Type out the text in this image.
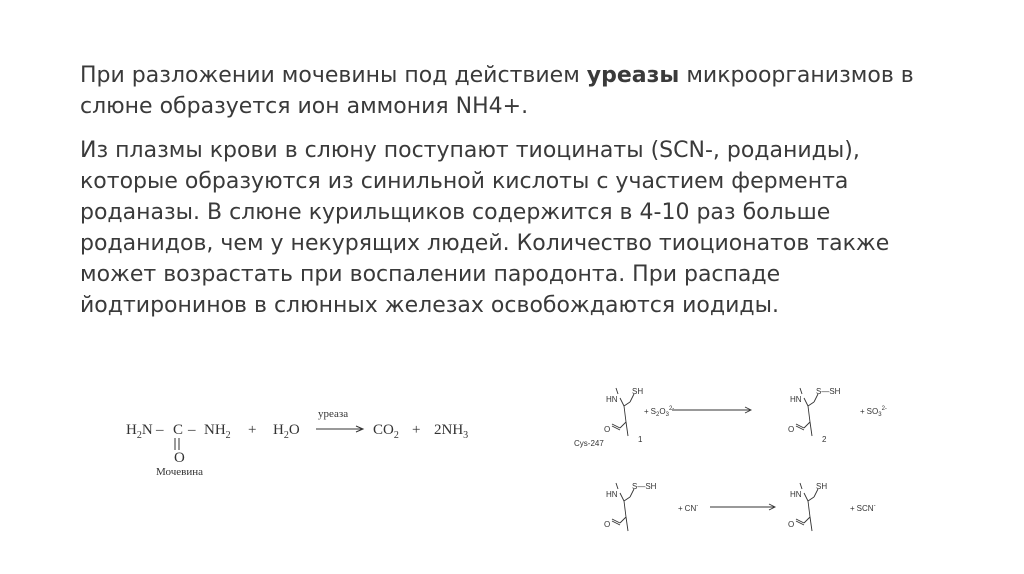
При разложении мочевины под действием уреазы микроорганизмов в слюне образуется ион аммония NH4+.

Из плазмы крови в слюну поступают тиоцинаты (SCN-, роданиды), которые образуются из синильной кислоты с участием фермента роданазы. В слюне курильщиков содержится в 4-10 раз больше роданидов, чем у некурящих людей. Количество тиоционатов также может возрастать при воспалении пародонта. При распаде йодтиронинов в слюнных железах освобождаются иодиды.

$H_2N - C - NH_2 + H_2O$
уреаза
$CO_2 + 2NH_3$
O
Мочевина
HN
SH
O
Cys-247	1
+ $S_2O_3^{2-}$
HN
S—SH
O
2
+ $SO_3^{2-}$
HN
S—SH
O
+ CN-
HN
SH
O
+ SCN-
